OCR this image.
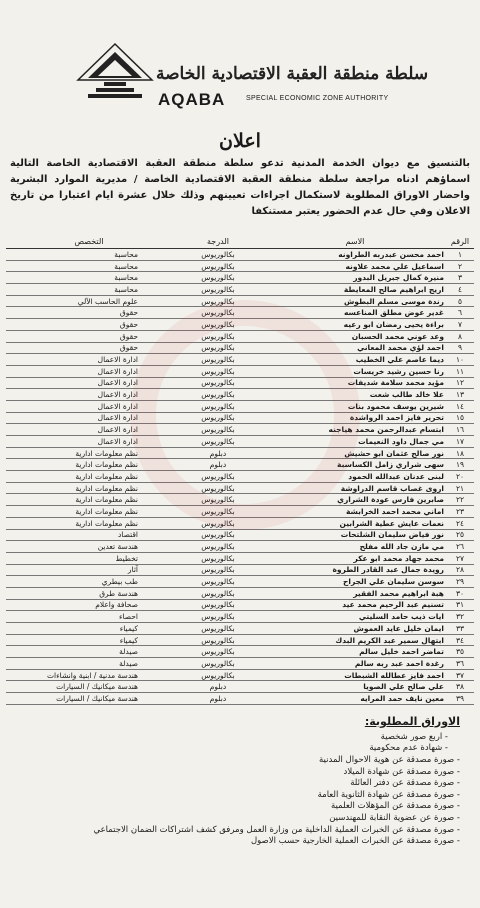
سلطة منطقة العقبة الاقتصادية الخاصة
AQABA	SPECIAL ECONOMIC ZONE AUTHORITY
اعلان
بالتنسيق مع ديوان الخدمة المدنية تدعو سلطة منطقة العقبة الاقتصادية الخاصة التالية اسماؤهم ادناه مراجعة سلطة منطقة العقبة الاقتصادية الخاصة / مديرية الموارد البشرية واحضار الاوراق المطلوبة لاستكمال اجراءات تعيينهم وذلك خلال عشرة ايام اعتبارا من تاريخ الاعلان وفي حال عدم الحضور يعتبر مستنكفا
الرقم	الاسم	الدرجة	التخصص
١	احمد محسن عبدربه الطراونه	بكالوريوس	محاسبة
٢	اسماعيل علي محمد علاونه	بكالوريوس	محاسبة
٣	منيرة كمال جبريل البدور	بكالوريوس	محاسبة
٤	اريج ابراهيم صالح المعايطة	بكالوريوس	محاسبة
٥	رندة موسى مسلم البطوش	بكالوريوس	علوم الحاسب الآلي
٦	غدير عوض مطلق المناعسه	بكالوريوس	حقوق
٧	براءة يحيى رمضان ابو رعيه	بكالوريوس	حقوق
٨	وعد عوني محمد الحسبان	بكالوريوس	حقوق
٩	احمد لؤي محمد المعاني	بكالوريوس	حقوق
١٠	ديما عاصم علي الخطيب	بكالوريوس	ادارة الاعمال
١١	رنا حسين رشيد خريسات	بكالوريوس	ادارة الاعمال
١٢	مؤيد محمد سلامة شديفات	بكالوريوس	ادارة الاعمال
١٣	علا خالد طالب شعت	بكالوريوس	ادارة الاعمال
١٤	شيرين يوسف محمود بنات	بكالوريوس	ادارة الاعمال
١٥	تحرير فايز احمد الرواشدة	بكالوريوس	ادارة الاعمال
١٦	ابتسام عبدالرحمن محمد هياجنه	بكالوريوس	ادارة الاعمال
١٧	مي جمال داود النعيمات	بكالوريوس	ادارة الاعمال
١٨	نور صالح عثمان ابو حشيش	دبلوم	نظم معلومات ادارية
١٩	سهى شراري زامل الكساسبة	دبلوم	نظم معلومات ادارية
٢٠	لبنى عدنان عبدالله الحمود	بكالوريوس	نظم معلومات ادارية
٢١	اروى غصاب قاسم الدراوشة	بكالوريوس	نظم معلومات ادارية
٢٢	صابرين فارس عودة الشراري	بكالوريوس	نظم معلومات ادارية
٢٣	اماني محمد احمد الخرابشة	بكالوريوس	نظم معلومات ادارية
٢٤	نعمات عايش عطية الشرابين	بكالوريوس	نظم معلومات ادارية
٢٥	نور فياض سليمان الشلتحات	بكالوريوس	اقتصاد
٢٦	مي مازن جاد الله مفلح	بكالوريوس	هندسة تعدين
٢٧	محمد جهاد محمد ابو عكر	بكالوريوس	تخطيط
٢٨	رويدة جمال عبد القادر الطروة	بكالوريوس	آثار
٢٩	سوسن سليمان علي الجراح	بكالوريوس	طب بيطري
٣٠	هبة ابراهيم محمد الفقير	بكالوريوس	هندسة طرق
٣١	تسنيم عبد الرحيم محمد عيد	بكالوريوس	صحافة واعلام
٣٢	ايات ذيب حامد السليتي	بكالوريوس	احصاء
٣٣	ايمان خليل عايد العموش	بكالوريوس	كيمياء
٣٤	ابتهال سمير عبد الكريم البدك	بكالوريوس	كيمياء
٣٥	تماضر احمد خليل سالم	بكالوريوس	صيدلة
٣٦	رغدة احمد عبد ربه سالم	بكالوريوس	صيدلة
٣٧	احمد فايز عطالله الشبطات	بكالوريوس	هندسة مدنية / ابنية وانشاءات
٣٨	علي صالح علي الصويا	دبلوم	هندسة ميكانيك / السيارات
٣٩	معين نايف حمد المرايه	دبلوم	هندسة ميكانيك / السيارات
الاوراق المطلوبة:
- اربع صور شخصية
- شهادة عدم محكومية
- صورة مصدقة عن هوية الاحوال المدنية
- صورة مصدقة عن شهادة الميلاد
- صورة مصدقة عن دفتر العائلة
- صورة مصدقة عن شهادة الثانوية العامة
- صورة مصدقة عن المؤهلات العلمية
- صورة عن عضوية النقابة للمهندسين
- صورة مصدقة عن الخبرات العملية الداخلية من وزارة العمل ومرفق كشف اشتراكات الضمان الاجتماعي
- صورة مصدقة عن الخبرات العملية الخارجية حسب الاصول
